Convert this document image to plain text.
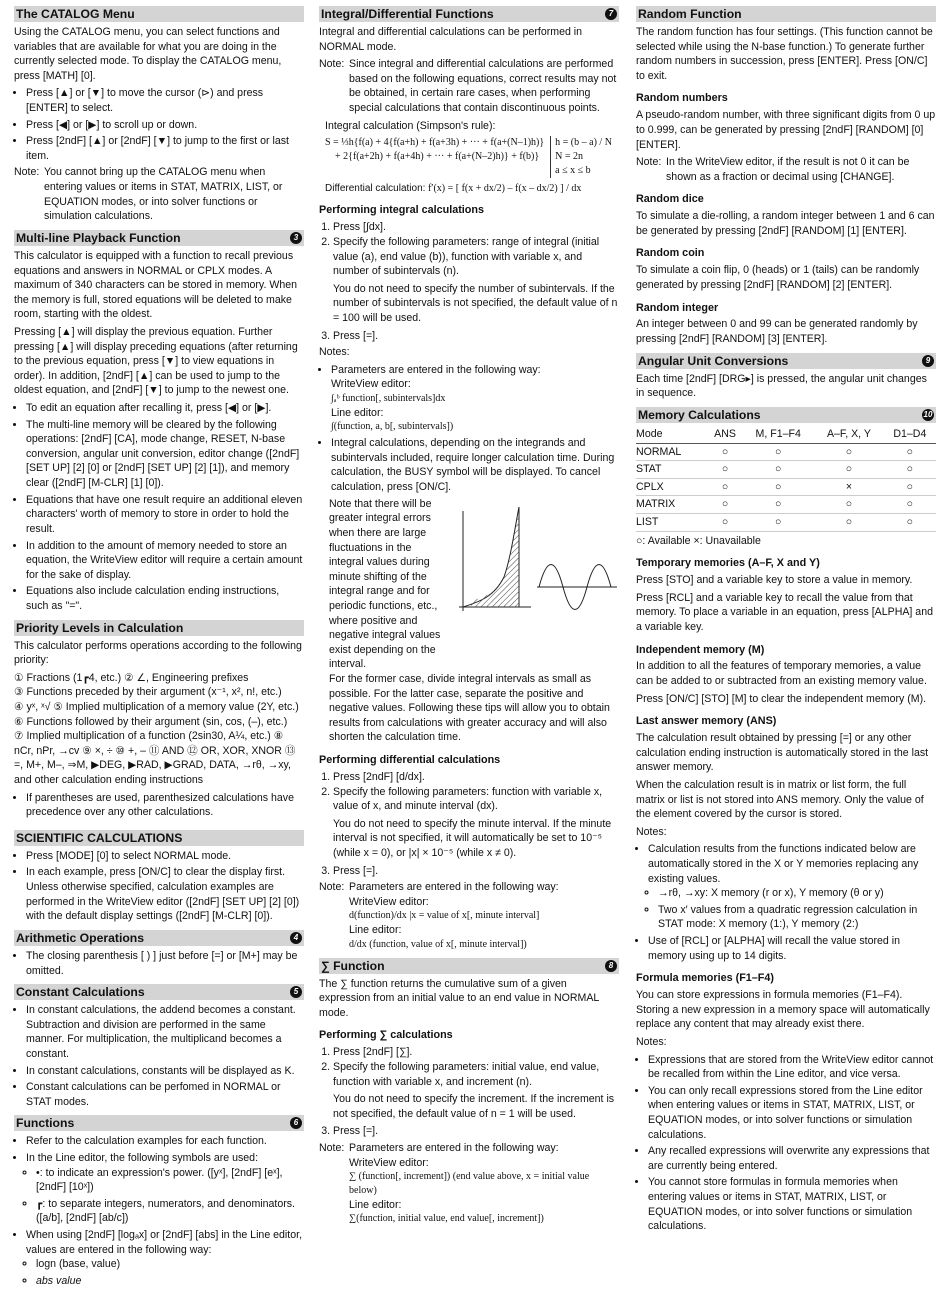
The CATALOG Menu

Using the CATALOG menu, you can select functions and variables that are available for what you are doing in the currently selected mode. To display the CATALOG menu, press [MATH] [0].

• Press [▲] or [▼] to move the cursor (⊳) and press [ENTER] to select.
• Press [◀] or [▶] to scroll up or down.
• Press [2ndF] [▲] or [2ndF] [▼] to jump to the first or last item.
Note: You cannot bring up the CATALOG menu when entering values or items in STAT, MATRIX, LIST, or EQUATION modes, or into solver functions or simulation calculations.
Multi-line Playback Function	3

This calculator is equipped with a function to recall previous equations and answers in NORMAL or CPLX modes. A maximum of 340 characters can be stored in memory. When the memory is full, stored equations will be deleted to make room, starting with the oldest.

Pressing [▲] will display the previous equation. Further pressing [▲] will display preceding equations (after returning to the previous equation, press [▼] to view equations in order). In addition, [2ndF] [▲] can be used to jump to the oldest equation, and [2ndF] [▼] to jump to the newest one.

• To edit an equation after recalling it, press [◀] or [▶].
• The multi-line memory will be cleared by the following operations: [2ndF] [CA], mode change, RESET, N-base conversion, angular unit conversion, editor change ([2ndF] [SET UP] [2] [0] or [2ndF] [SET UP] [2] [1]), and memory clear ([2ndF] [M-CLR] [1] [0]).
• Equations that have one result require an additional eleven characters' worth of memory to store in order to hold the result.
• In addition to the amount of memory needed to store an equation, the WriteView editor will require a certain amount for the sake of display.
• Equations also include calculation ending instructions, such as "=".
Priority Levels in Calculation

This calculator performs operations according to the following priority:

① Fractions (1┏4, etc.) ② ∠, Engineering prefixes

③ Functions preceded by their argument (x⁻¹, x², n!, etc.)

④ yˣ, ˣ√ ⑤ Implied multiplication of a memory value (2Y, etc.)

⑥ Functions followed by their argument (sin, cos, (–), etc.)

⑦ Implied multiplication of a function (2sin30, A¼, etc.) ⑧ nCr, nPr, →cv ⑨ ×, ÷ ⑩ +, – ⑪ AND ⑫ OR, XOR, XNOR ⑬ =, M+, M–, ⇒M, ▶DEG, ▶RAD, ▶GRAD, DATA, →rθ, →xy, and other calculation ending instructions

• If parentheses are used, parenthesized calculations have precedence over any other calculations.
SCIENTIFIC CALCULATIONS
• Press [MODE] [0] to select NORMAL mode.
• In each example, press [ON/C] to clear the display first. Unless otherwise specified, calculation examples are performed in the WriteView editor ([2ndF] [SET UP] [2] [0]) with the default display settings ([2ndF] [M-CLR] [0]).
Arithmetic Operations	4
• The closing parenthesis [ ) ] just before [=] or [M+] may be omitted.
Constant Calculations	5
• In constant calculations, the addend becomes a constant. Subtraction and division are performed in the same manner. For multiplication, the multiplicand becomes a constant.
• In constant calculations, constants will be displayed as K.
• Constant calculations can be perfomed in NORMAL or STAT modes.
Functions	6
• Refer to the calculation examples for each function.
• In the Line editor, the following symbols are used:
◦ •: to indicate an expression's power. ([yˣ], [2ndF] [eˣ], [2ndF] [10ˣ])
◦ ┏: to separate integers, numerators, and denominators. ([a/b], [2ndF] [ab/c])
• When using [2ndF] [logₐx] or [2ndF] [abs] in the Line editor, values are entered in the following way:
◦ logn (base, value)
◦ abs value
Integral/Differential Functions	7

Integral and differential calculations can be performed in NORMAL mode.

Note: Since integral and differential calculations are performed based on the following equations, correct results may not be obtained, in certain rare cases, when performing special calculations that contain discontinuous points.

Integral calculation (Simpson's rule):

S = ⅓h{f(a) + 4{f(a+h) + f(a+3h) + ··· + f(a+(N–1)h)}
+ 2{f(a+2h) + f(a+4h) + ··· + f(a+(N–2)h)} + f(b)}
h = (b – a) / N
N = 2n
a ≤ x ≤ b
Differential calculation: f′(x) = [ f(x + dx/2) – f(x – dx/2) ] / dx
Performing integral calculations
1. Press [∫dx].
2. Specify the following parameters: range of integral (initial value (a), end value (b)), function with variable x, and number of subintervals (n).

You do not need to specify the number of subintervals. If the number of subintervals is not specified, the default value of n = 100 will be used.

3. Press [=].

Notes:

• Parameters are entered in the following way:
WriteView editor:
∫ₐᵇ function[, subintervals]dx
Line editor:
∫(function, a, b[, subintervals])
• Integral calculations, depending on the integrands and subintervals included, require longer calculation time. During calculation, the BUSY symbol will be displayed. To cancel calculation, press [ON/C].

Note that there will be greater integral errors when there are large fluctuations in the integral values during minute shifting of the integral range and for periodic functions, etc., where positive and negative integral values exist depending on the interval.

For the former case, divide integral intervals as small as possible. For the latter case, separate the positive and negative values. Following these tips will allow you to obtain results from calculations with greater accuracy and will also shorten the calculation time.

Performing differential calculations
1. Press [2ndF] [d/dx].
2. Specify the following parameters: function with variable x, value of x, and minute interval (dx).

You do not need to specify the minute interval. If the minute interval is not specified, it will automatically be set to 10⁻⁵ (while x = 0), or |x| × 10⁻⁵ (while x ≠ 0).

3. Press [=].
Note: Parameters are entered in the following way:
WriteView editor:
d(function)/dx |x = value of x[, minute interval]
Line editor:
d/dx (function, value of x[, minute interval])
∑ Function	8

The ∑ function returns the cumulative sum of a given expression from an initial value to an end value in NORMAL mode.

Performing ∑ calculations
1. Press [2ndF] [∑].
2. Specify the following parameters: initial value, end value, function with variable x, and increment (n).

You do not need to specify the increment. If the increment is not specified, the default value of n = 1 will be used.

3. Press [=].
Note: Parameters are entered in the following way:
WriteView editor:
∑ (function[, increment]) (end value above, x = initial value below)
Line editor:
∑(function, initial value, end value[, increment])
Random Function

The random function has four settings. (This function cannot be selected while using the N-base function.) To generate further random numbers in succession, press [ENTER]. Press [ON/C] to exit.

Random numbers

A pseudo-random number, with three significant digits from 0 up to 0.999, can be generated by pressing [2ndF] [RANDOM] [0] [ENTER].

Note: In the WriteView editor, if the result is not 0 it can be shown as a fraction or decimal using [CHANGE].
Random dice

To simulate a die-rolling, a random integer between 1 and 6 can be generated by pressing [2ndF] [RANDOM] [1] [ENTER].

Random coin

To simulate a coin flip, 0 (heads) or 1 (tails) can be randomly generated by pressing [2ndF] [RANDOM] [2] [ENTER].

Random integer

An integer between 0 and 99 can be generated randomly by pressing [2ndF] [RANDOM] [3] [ENTER].

Angular Unit Conversions	9

Each time [2ndF] [DRG▸] is pressed, the angular unit changes in sequence.

Memory Calculations	10
Mode	ANS	M, F1–F4	A–F, X, Y	D1–D4
NORMAL	○	○	○	○
STAT	○	○	○	○
CPLX	○	○	×	○
MATRIX	○	○	○	○
LIST	○	○	○	○

○: Available ×: Unavailable

Temporary memories (A–F, X and Y)

Press [STO] and a variable key to store a value in memory.

Press [RCL] and a variable key to recall the value from that memory. To place a variable in an equation, press [ALPHA] and a variable key.

Independent memory (M)

In addition to all the features of temporary memories, a value can be added to or subtracted from an existing memory value.

Press [ON/C] [STO] [M] to clear the independent memory (M).

Last answer memory (ANS)

The calculation result obtained by pressing [=] or any other calculation ending instruction is automatically stored in the last answer memory.

When the calculation result is in matrix or list form, the full matrix or list is not stored into ANS memory. Only the value of the element covered by the cursor is stored.

Notes:

• Calculation results from the functions indicated below are automatically stored in the X or Y memories replacing any existing values.
◦ →rθ, →xy: X memory (r or x), Y memory (θ or y)
◦ Two x′ values from a quadratic regression calculation in STAT mode: X memory (1:), Y memory (2:)
• Use of [RCL] or [ALPHA] will recall the value stored in memory using up to 14 digits.
Formula memories (F1–F4)

You can store expressions in formula memories (F1–F4). Storing a new expression in a memory space will automatically replace any content that may already exist there.

Notes:

• Expressions that are stored from the WriteView editor cannot be recalled from within the Line editor, and vice versa.
• You can only recall expressions stored from the Line editor when entering values or items in STAT, MATRIX, LIST, or EQUATION modes, or into solver functions or simulation calculations.
• Any recalled expressions will overwrite any expressions that are currently being entered.
• You cannot store formulas in formula memories when entering values or items in STAT, MATRIX, LIST, or EQUATION modes, or into solver functions or simulation calculations.
